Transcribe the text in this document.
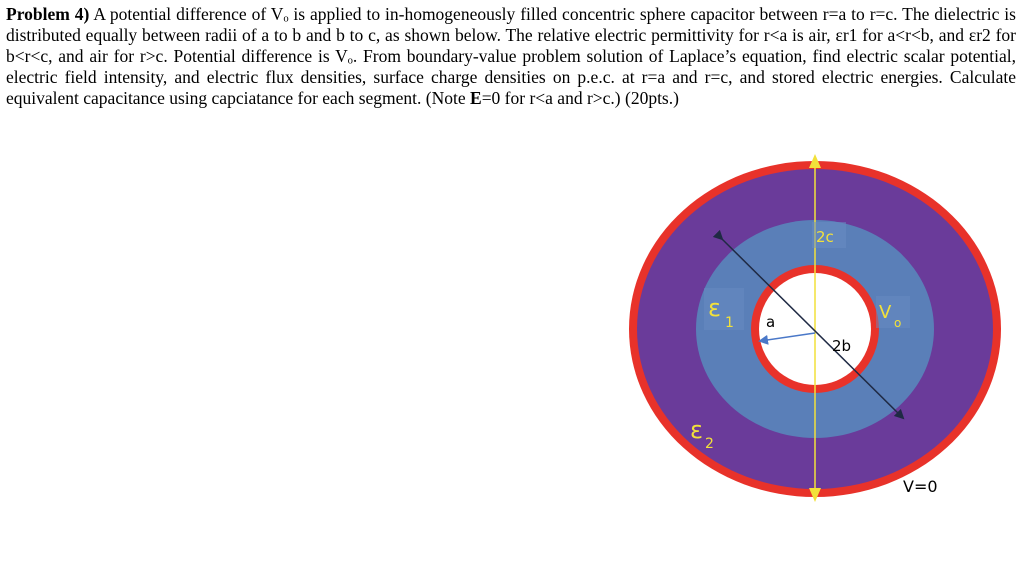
Problem 4) A potential difference of Vₒ is applied to in-homogeneously filled concentric sphere capacitor between r=a to r=c. The dielectric is distributed equally between radii of a to b and b to c, as shown below. The relative electric permittivity for r<a is air, εr1 for a<r<b, and εr2 for b<r<c, and air for r>c. Potential difference is Vₒ. From boundary-value problem solution of Laplace’s equation, find electric scalar potential, electric field intensity, and electric flux densities, surface charge densities on p.e.c. at r=a and r=c, and stored electric energies. Calculate equivalent capacitance using capciatance for each segment. (Note E=0 for r<a and r>c.) (20pts.)
ε
1
ε 2
a
2b
2c
V o
V=0
